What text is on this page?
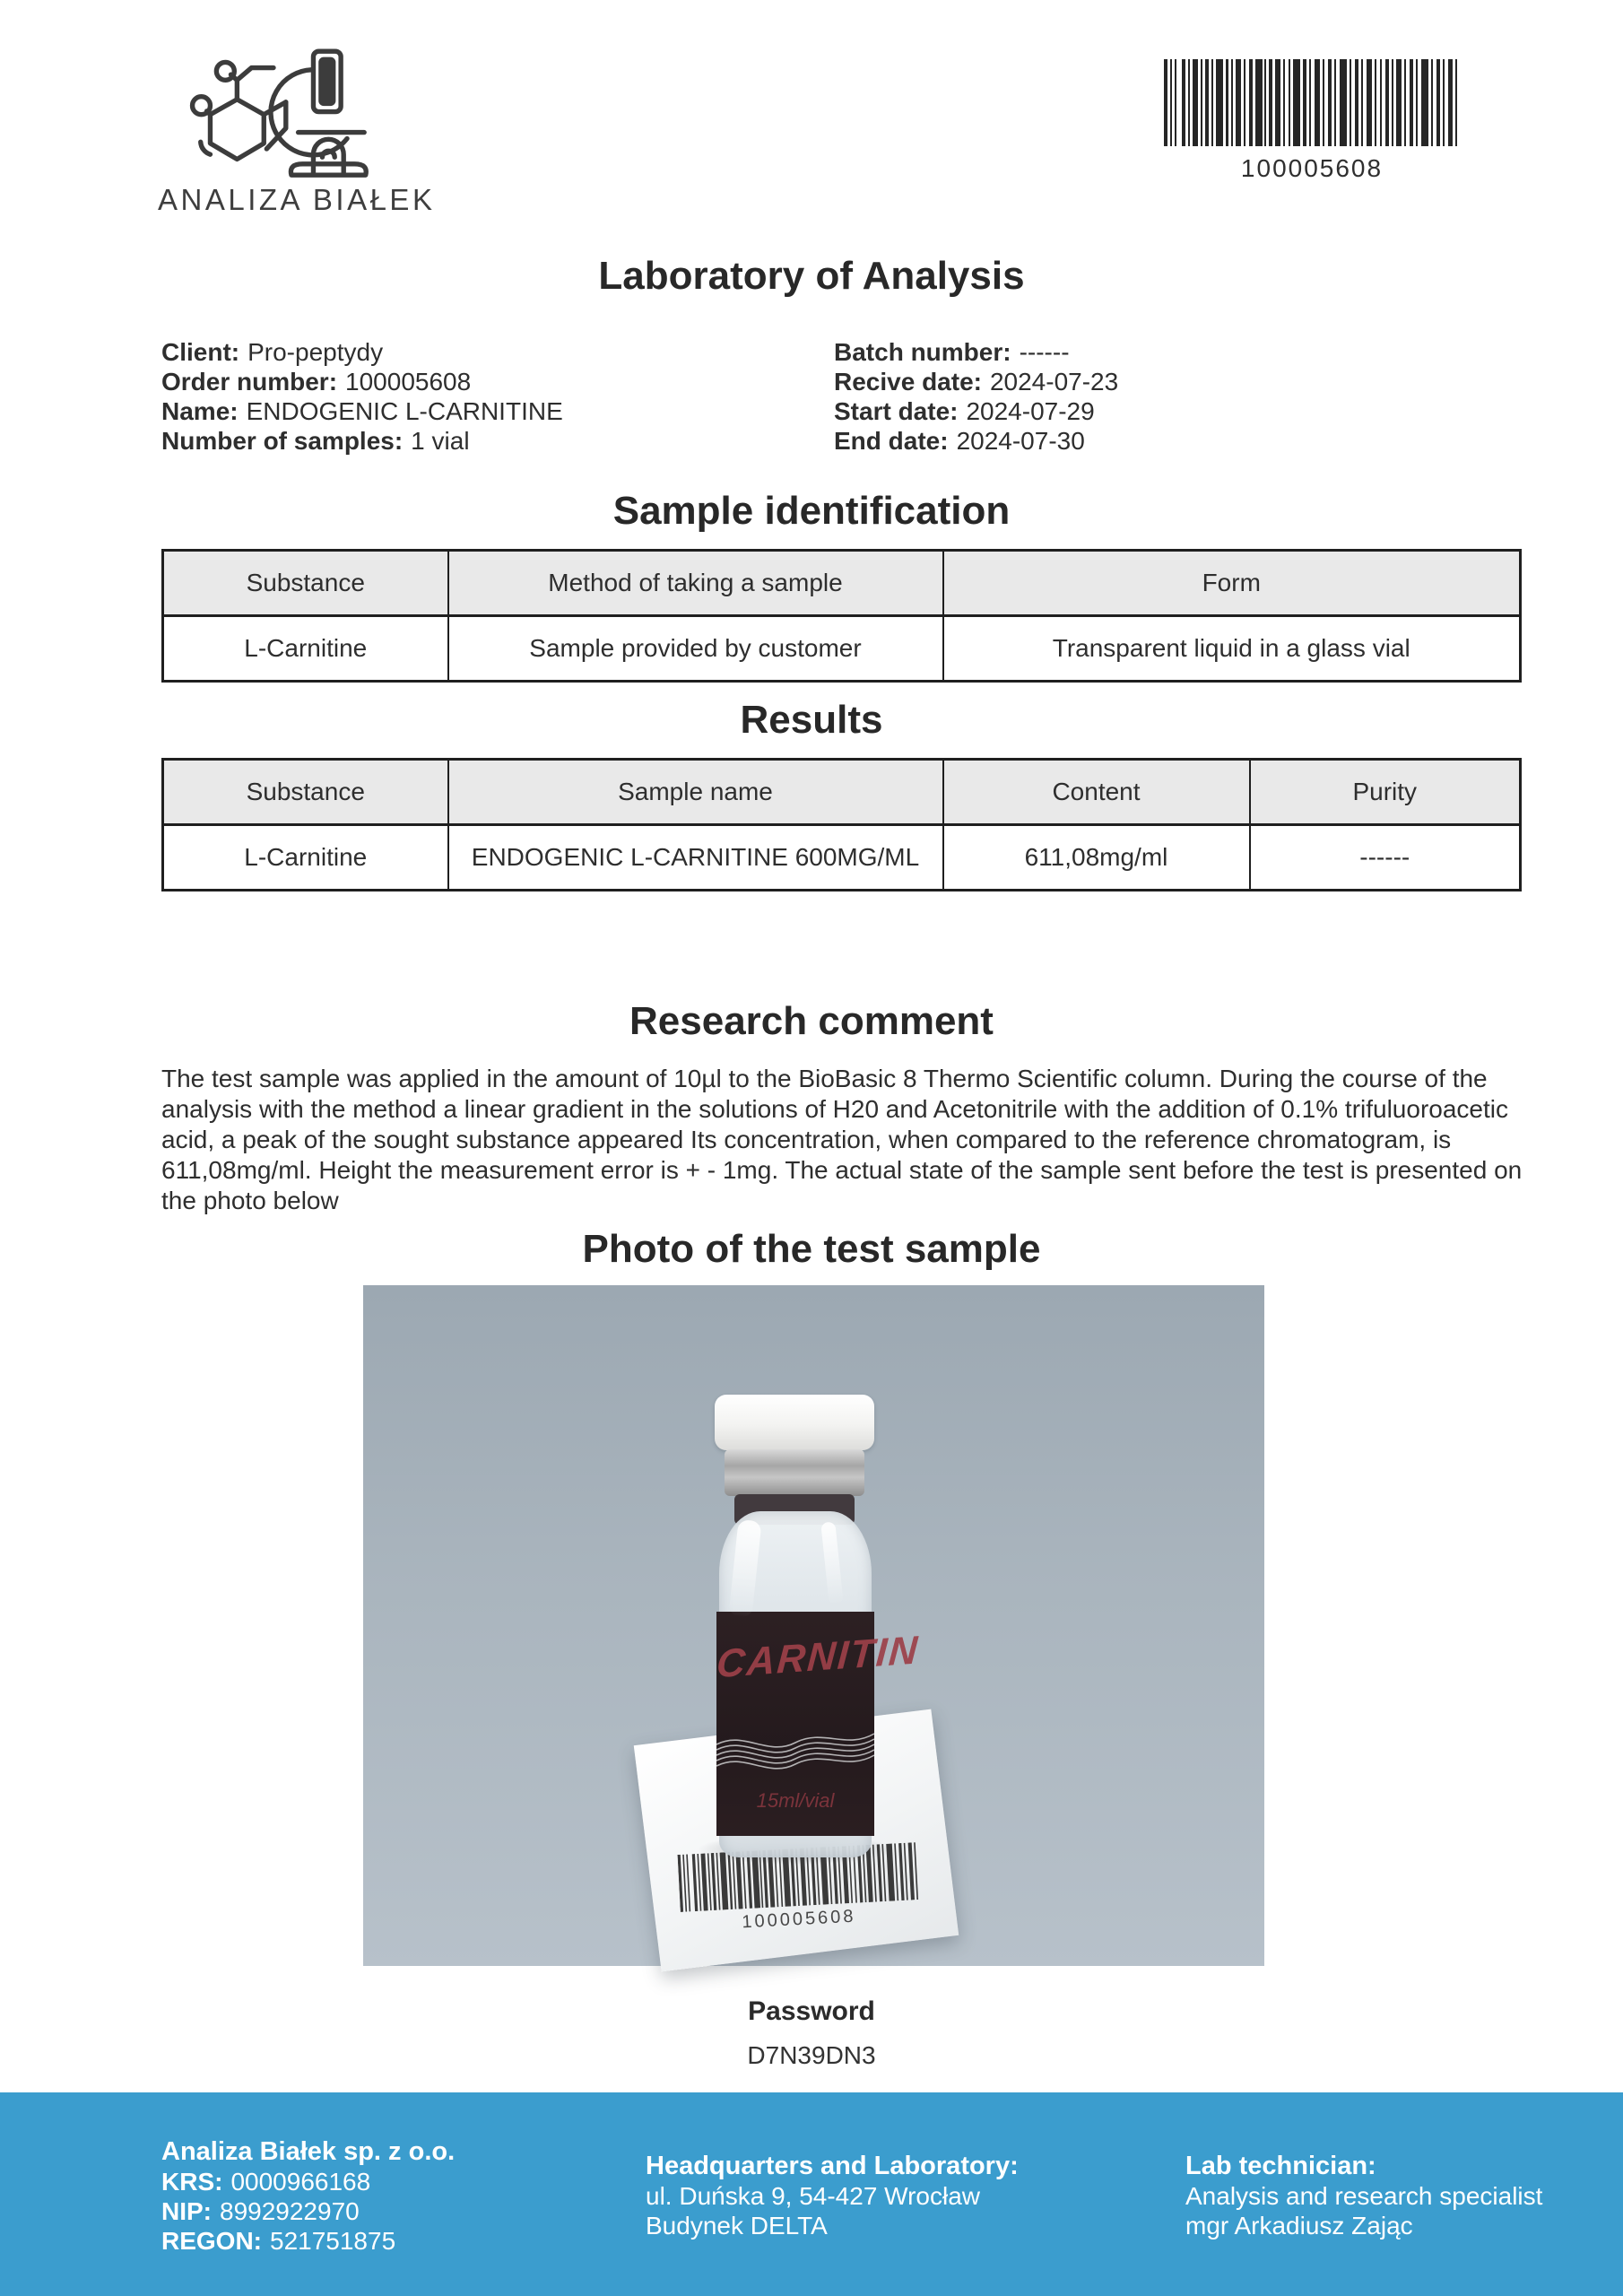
ANALIZA BIAŁEK
100005608
Laboratory of Analysis
Client: Pro-peptydy
Order number: 100005608
Name: ENDOGENIC L-CARNITINE
Number of samples: 1 vial
Batch number: ------
Recive date: 2024-07-23
Start date: 2024-07-29
End date: 2024-07-30
Sample identification
Substance	Method of taking a sample	Form
L-Carnitine	Sample provided by customer	Transparent liquid in a glass vial
Results
Substance	Sample name	Content	Purity
L-Carnitine	ENDOGENIC L-CARNITINE 600MG/ML	611,08mg/ml	------
Research comment
The test sample was applied in the amount of 10µl to the BioBasic 8 Thermo Scientific column. During the course of the analysis with the method a linear gradient in the solutions of H20 and Acetonitrile with the addition of 0.1% trifuluoroacetic acid, a peak of the sought substance appeared Its concentration, when compared to the reference chromatogram, is 611,08mg/ml. Height the measurement error is + - 1mg. The actual state of the sample sent before the test is presented on the photo below
Photo of the test sample
100005608
CARNITIN
15ml/vial
Password
D7N39DN3
Analiza Białek sp. z o.o.
KRS: 0000966168
NIP: 8992922970
REGON: 521751875
Headquarters and Laboratory:
ul. Duńska 9, 54-427 Wrocław
Budynek DELTA
Lab technician:
Analysis and research specialist
mgr Arkadiusz Zając
